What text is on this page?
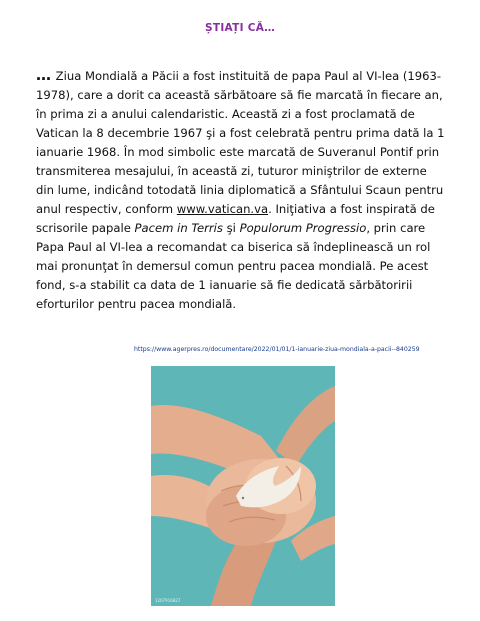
ȘTIAȚI CĂ…
… Ziua Mondială a Păcii a fost instituită de papa Paul al VI-lea (1963-
1978), care a dorit ca această sărbătoare să fie marcată în fiecare an,
în prima zi a anului calendaristic. Această zi a fost proclamată de
Vatican la 8 decembrie 1967 şi a fost celebrată pentru prima dată la 1
ianuarie 1968. În mod simbolic este marcată de Suveranul Pontif prin
transmiterea mesajului, în această zi, tuturor miniştrilor de externe
din lume, indicând totodată linia diplomatică a Sfântului Scaun pentru
anul respectiv, conform www.vatican.va. Iniţiativa a fost inspirată de
scrisorile papale Pacem in Terris şi Populorum Progressio, prin care
Papa Paul al VI-lea a recomandat ca biserica să îndeplinească un rol
mai pronunţat în demersul comun pentru pacea mondială. Pe acest
fond, s-a stabilit ca data de 1 ianuarie să fie dedicată sărbătoririi
eforturilor pentru pacea mondială.
https://www.agerpres.ro/documentare/2022/01/01/1-ianuarie-ziua-mondiala-a-pacii--840259
1267916827
